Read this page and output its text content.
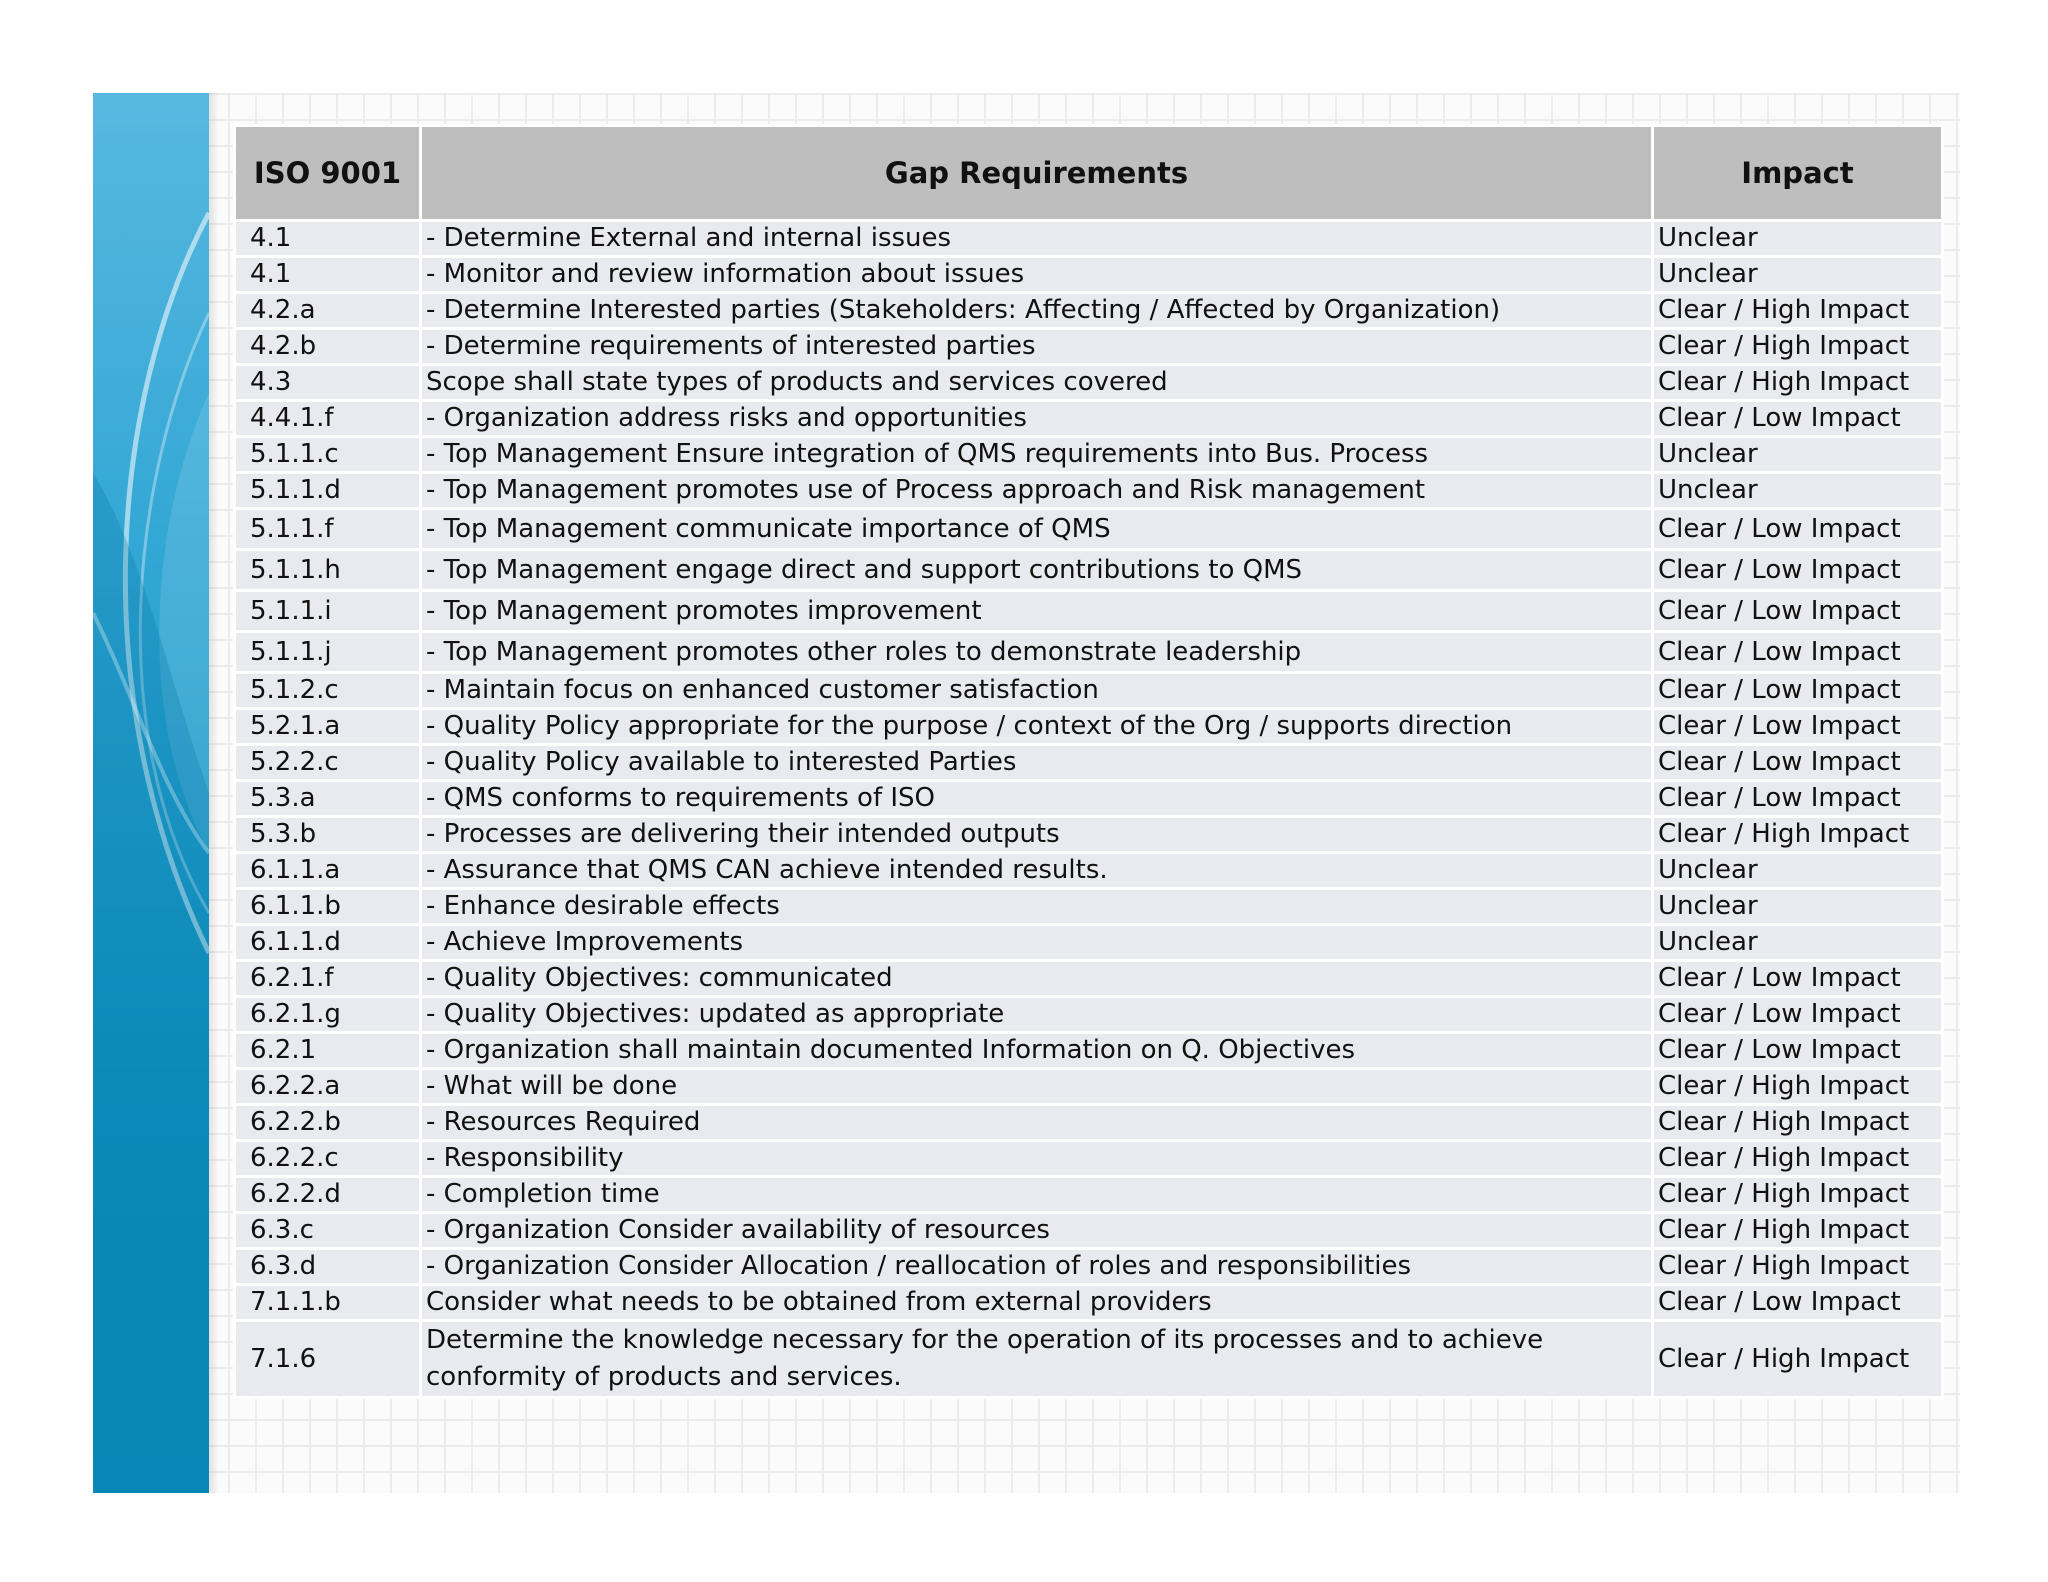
ISO 9001	Gap Requirements	Impact
4.1	- Determine External and internal issues	Unclear
4.1	- Monitor and review information about issues	Unclear
4.2.a	- Determine Interested parties (Stakeholders: Affecting / Affected by Organization)	Clear / High Impact
4.2.b	- Determine requirements of interested parties	Clear / High Impact
4.3	Scope shall state types of products and services covered	Clear / High Impact
4.4.1.f	- Organization address risks and opportunities	Clear / Low Impact
5.1.1.c	- Top Management Ensure integration of QMS requirements into Bus. Process	Unclear
5.1.1.d	- Top Management promotes use of Process approach and Risk management	Unclear
5.1.1.f	- Top Management communicate importance of QMS	Clear / Low Impact
5.1.1.h	- Top Management engage direct and support contributions to QMS	Clear / Low Impact
5.1.1.i	- Top Management promotes improvement	Clear / Low Impact
5.1.1.j	- Top Management promotes other roles to demonstrate leadership	Clear / Low Impact
5.1.2.c	- Maintain focus on enhanced customer satisfaction	Clear / Low Impact
5.2.1.a	- Quality Policy appropriate for the purpose / context of the Org / supports direction	Clear / Low Impact
5.2.2.c	- Quality Policy available to interested Parties	Clear / Low Impact
5.3.a	- QMS conforms to requirements of ISO	Clear / Low Impact
5.3.b	- Processes are delivering their intended outputs	Clear / High Impact
6.1.1.a	- Assurance that QMS CAN achieve intended results.	Unclear
6.1.1.b	- Enhance desirable effects	Unclear
6.1.1.d	- Achieve Improvements	Unclear
6.2.1.f	- Quality Objectives: communicated	Clear / Low Impact
6.2.1.g	- Quality Objectives: updated as appropriate	Clear / Low Impact
6.2.1	- Organization shall maintain documented Information on Q. Objectives	Clear / Low Impact
6.2.2.a	- What will be done	Clear / High Impact
6.2.2.b	- Resources Required	Clear / High Impact
6.2.2.c	- Responsibility	Clear / High Impact
6.2.2.d	- Completion time	Clear / High Impact
6.3.c	- Organization Consider availability of resources	Clear / High Impact
6.3.d	- Organization Consider Allocation / reallocation of roles and responsibilities	Clear / High Impact
7.1.1.b	Consider what needs to be obtained from external providers	Clear / Low Impact
7.1.6	Determine the knowledge necessary for the operation of its processes and to achieve conformity of products and services.	Clear / High Impact
